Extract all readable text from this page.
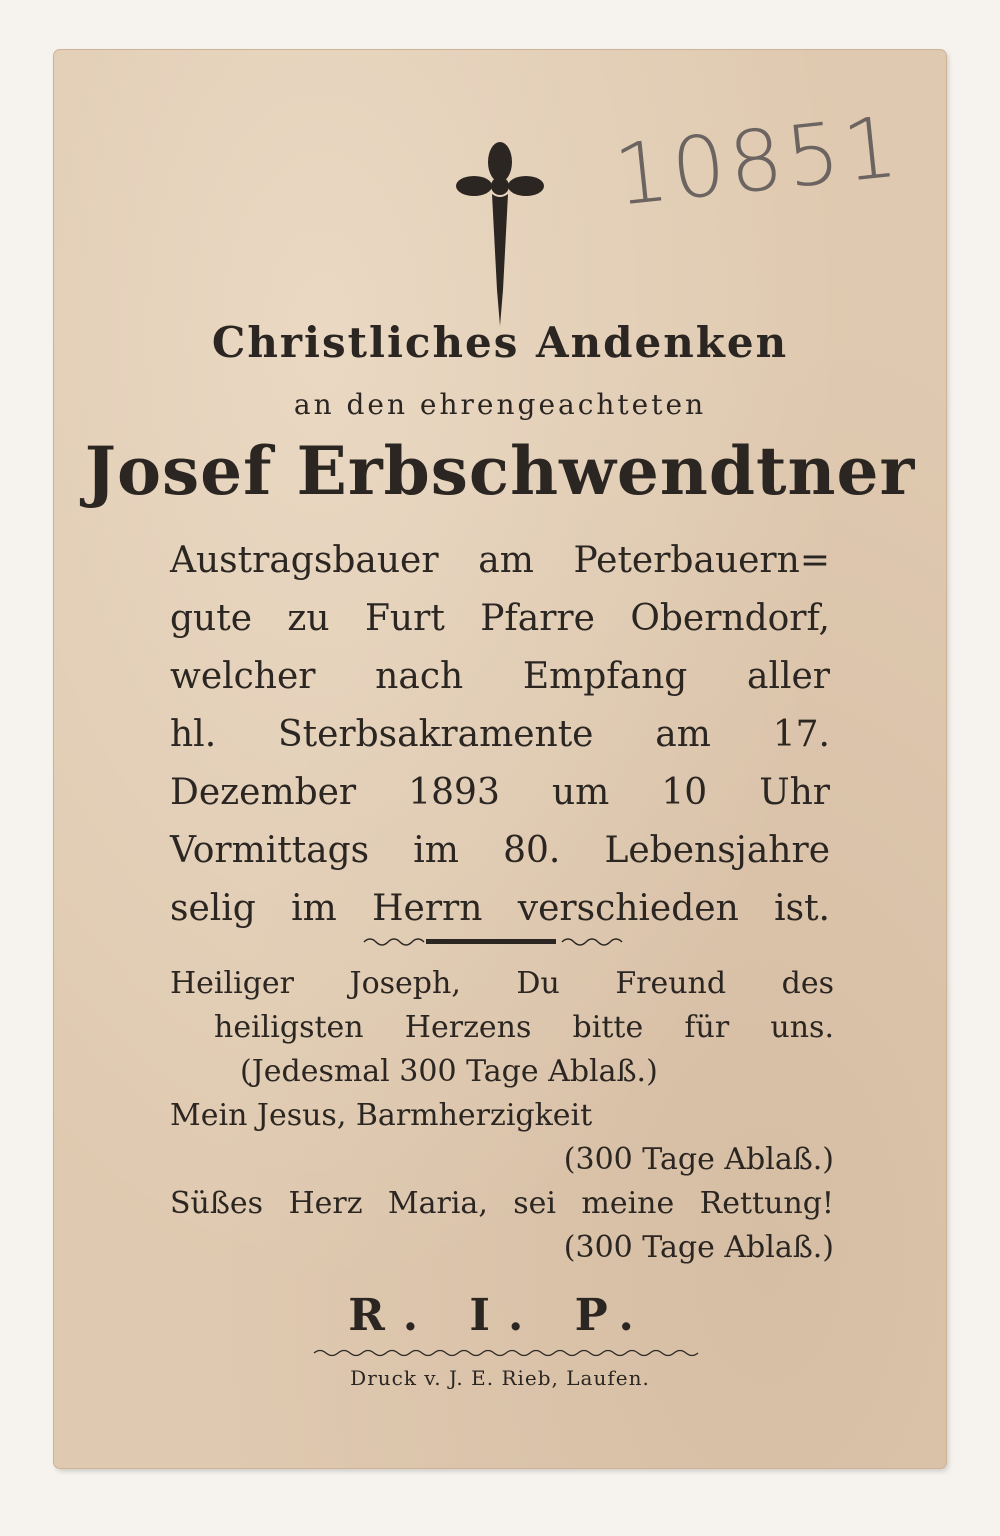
10851
Christliches Andenken
an den ehrengeachteten
Josef Erbschwendtner
Austragsbauer am Peterbauern=
gute zu Furt Pfarre Oberndorf,
welcher nach Empfang aller
hl. Sterbsakramente am 17.
Dezember 1893 um 10 Uhr
Vormittags im 80. Lebensjahre
selig im Herrn verschieden ist.
Heiliger Joseph, Du Freund des
heiligsten Herzens bitte für uns.
(Jedesmal 300 Tage Ablaß.)
Mein Jesus, Barmherzigkeit
(300 Tage Ablaß.)
Süßes Herz Maria, sei meine Rettung!
(300 Tage Ablaß.)
R. I. P.
Druck v. J. E. Rieb, Laufen.
